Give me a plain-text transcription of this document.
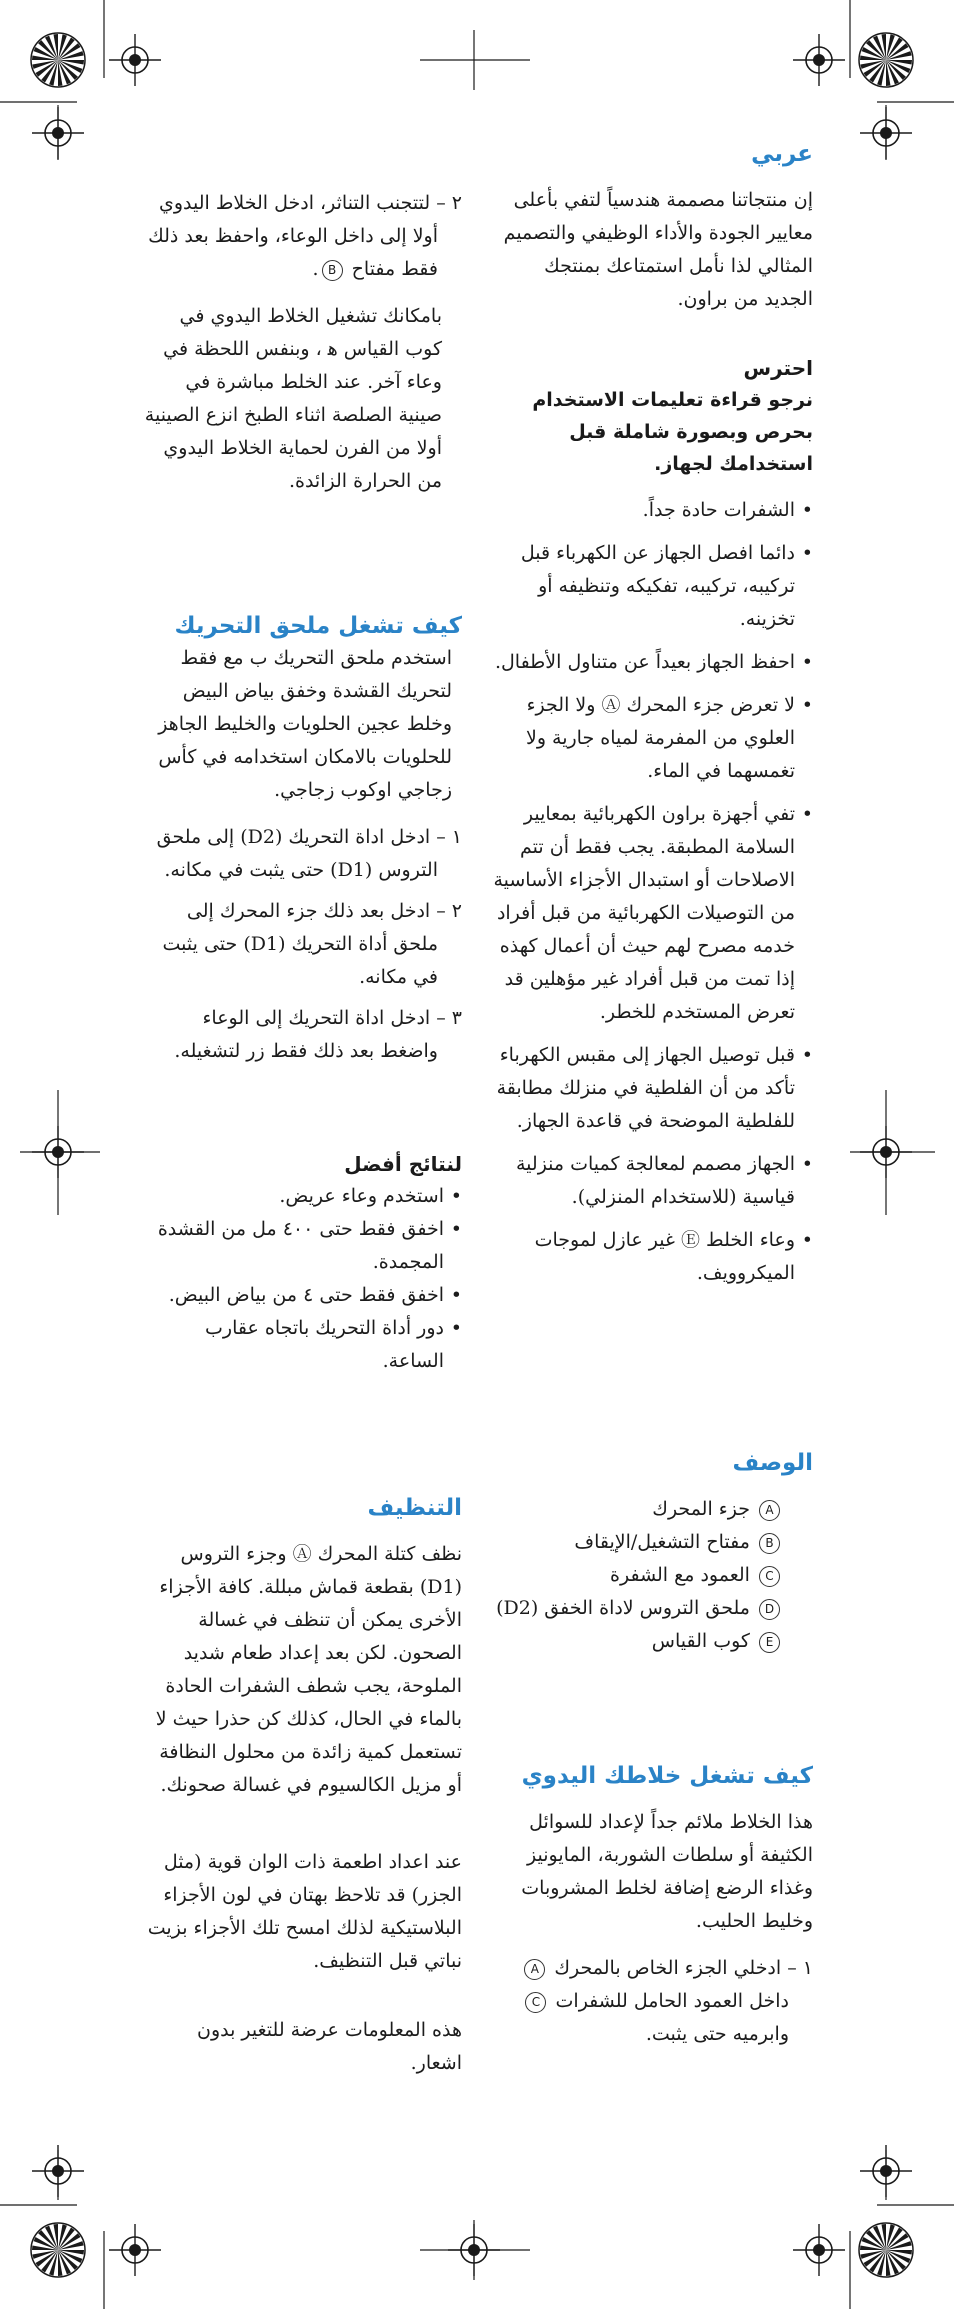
عربي

إن منتجاتنا مصممة هندسياً لتفي بأعلى معايير الجودة والأداء الوظيفي والتصميم المثالي لذا نأمل استمتاعك بمنتجك الجديد من براون.

احترس

نرجو قراءة تعليمات الاستخدام بحرص وبصورة شاملة قبل استخدامك لجهاز.

• الشفرات حادة جداً.
• دائما افصل الجهاز عن الكهرباء قبل تركيبه، تركيبه، تفكيكه وتنظيفه أو تخزينه.
• احفظ الجهاز بعيداً عن متناول الأطفال.
• لا تعرض جزء المحرك Ⓐ ولا الجزء العلوي من المفرمة لمياه جارية ولا تغمسهما في الماء.
• تفي أجهزة براون الكهربائية بمعايير السلامة المطبقة. يجب فقط أن تتم الاصلاحات أو استبدال الأجزاء الأساسية من التوصيلات الكهربائية من قبل أفراد خدمه مصرح لهم حيث أن أعمال كهذه إذا تمت من قبل أفراد غير مؤهلين قد تعرض المستخدم للخطر.
• قبل توصيل الجهاز إلى مقبس الكهرباء تأكد من أن الفلطية في منزلك مطابقة للفلطية الموضحة في قاعدة الجهاز.
• الجهاز مصمم لمعالجة كميات منزلية قياسية (للاستخدام المنزلي).
• وعاء الخلط Ⓔ غير عازل لموجات الميكروويف.
الوصف
A جزء المحرك
B مفتاح التشغيل/الإيقاف
C العمود مع الشفرة
D ملحق التروس لاداة الخفق (D2)
E كوب القياس
كيف تشغل خلاطك اليدوي

هذا الخلاط ملائم جداً لإعداد للسوائل الكثيفة أو سلطات الشوربة، المايونيز وغذاء الرضع إضافة لخلط المشروبات وخليط الحليب.

١ – ادخلي الجزء الخاص بالمحرك A داخل العمود الحامل للشفرات C وابرميه حتى يثبت.

٢ – لتتجنب التناثر، ادخل الخلاط اليدوي أولا إلى داخل الوعاء، واحفظ بعد ذلك فقط مفتاح B.

بامكانك تشغيل الخلاط اليدوي في كوب القياس ﻫ ، وبنفس اللحظة في وعاء آخر. عند الخلط مباشرة في صينية الصلصة اثناء الطبخ انزع الصينية أولا من الفرن لحماية الخلاط اليدوي من الحرارة الزائدة.

كيف تشغل ملحق التحريك

استخدم ملحق التحريك ب مع فقط لتحريك القشدة وخفق بياض البيض وخلط عجين الحلويات والخليط الجاهز للحلويات بالامكان استخدامه في كأس زجاجي اوكوب زجاجي.

١ – ادخل اداة التحريك (D2) إلى ملحق التروس (D1) حتى يثبت في مكانه.

٢ – ادخل بعد ذلك جزء المحرك إلى ملحق أداة التحريك (D1) حتى يثبت في مكانه.

٣ – ادخل اداة التحريك إلى الوعاء واضغط بعد ذلك فقط زر لتشغيله.

لنتائج أفضل
• استخدم وعاء عريض.
• اخفق فقط حتى ٤٠٠ مل من القشدة المجمدة.
• اخفق فقط حتى ٤ من بياض البيض.
• دور أداة التحريك باتجاه عقارب الساعة.
التنظيف

نظف كتلة المحرك Ⓐ وجزء التروس (D1) بقطعة قماش مبللة. كافة الأجزاء الأخرى يمكن أن تنظف في غسالة الصحون. لكن بعد إعداد طعام شديد الملوحة، يجب شطف الشفرات الحادة بالماء في الحال، كذلك كن حذرا حيث لا تستعمل كمية زائدة من محلول النظافة أو مزيل الكالسيوم في غسالة صحونك.

عند اعداد اطعمة ذات الوان قوية (مثل الجزر) قد تلاحظ بهتان في لون الأجزاء البلاستيكية لذلك امسح تلك الأجزاء بزيت نباتي قبل التنظيف.

هذه المعلومات عرضة للتغير بدون اشعار.
